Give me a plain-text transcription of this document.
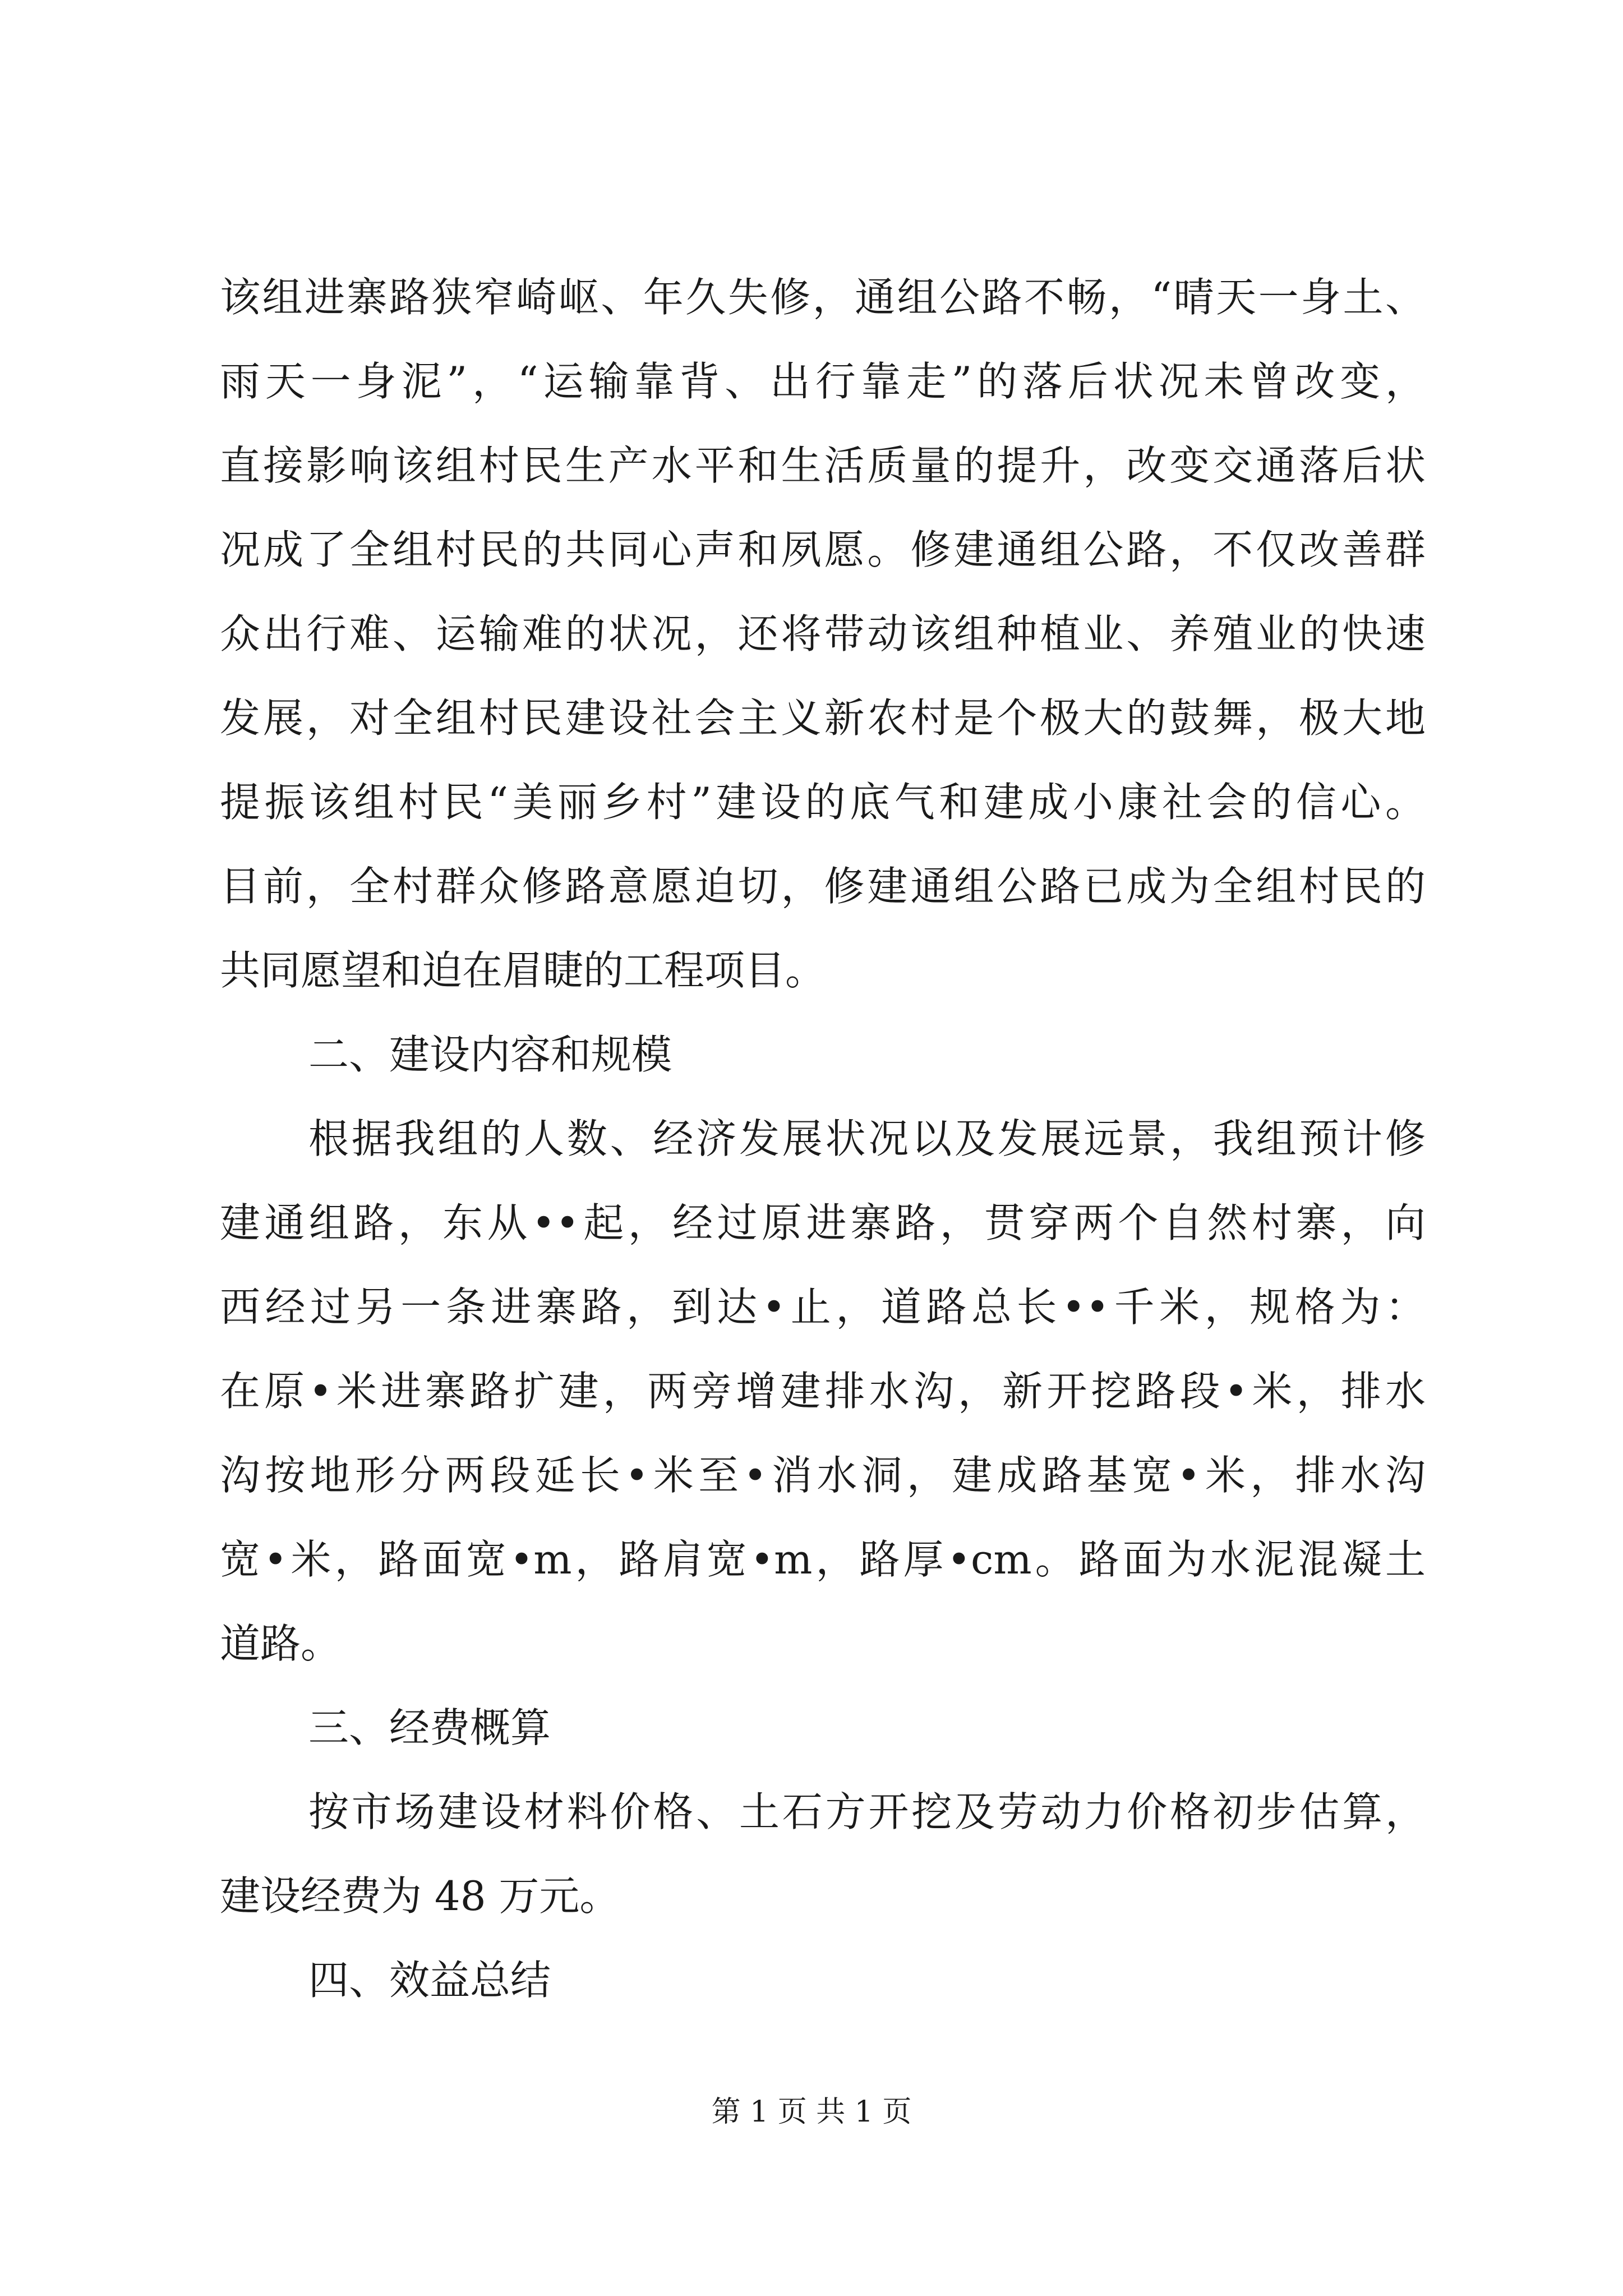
该组进寨路狭窄崎岖、年久失修，通组公路不畅，“晴天一身土、
雨天一身泥”，“运输靠背、出行靠走”的落后状况未曾改变，
直接影响该组村民生产水平和生活质量的提升，改变交通落后状
况成了全组村民的共同心声和夙愿。修建通组公路，不仅改善群
众出行难、运输难的状况，还将带动该组种植业、养殖业的快速
发展，对全组村民建设社会主义新农村是个极大的鼓舞，极大地
提振该组村民“美丽乡村”建设的底气和建成小康社会的信心。
目前，全村群众修路意愿迫切，修建通组公路已成为全组村民的
共同愿望和迫在眉睫的工程项目。
二、建设内容和规模
根据我组的人数、经济发展状况以及发展远景，我组预计修
建通组路，东从••起，经过原进寨路，贯穿两个自然村寨，向
西经过另一条进寨路，到达•止，道路总长••千米，规格为：
在原•米进寨路扩建，两旁增建排水沟，新开挖路段•米，排水
沟按地形分两段延长•米至•消水洞，建成路基宽•米，排水沟
宽•米，路面宽•m，路肩宽•m，路厚•cm。路面为水泥混凝土
道路。
三、经费概算
按市场建设材料价格、土石方开挖及劳动力价格初步估算，
建设经费为 48 万元。
四、效益总结
第 1 页 共 1 页
